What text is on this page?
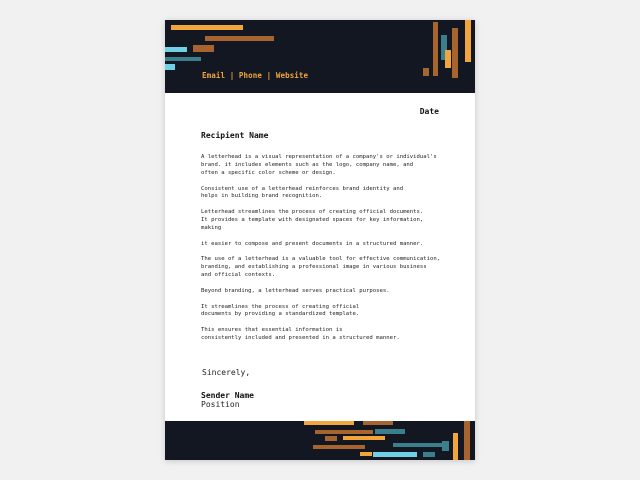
Email | Phone | Website
Date
Recipient Name

A letterhead is a visual representation of a company's or individual's
brand. it includes elements such as the logo, company name, and
often a specific color scheme or design.

Consistent use of a letterhead reinforces brand identity and
helps in building brand recognition.

Letterhead streamlines the process of creating official documents.
It provides a template with designated spaces for key information,
making

it easier to compose and present documents in a structured manner.

The use of a letterhead is a valuable tool for effective communication,
branding, and establishing a professional image in various business
and official contexts.

Beyond branding, a letterhead serves practical purposes.

It streamlines the process of creating official
documents by providing a standardized template.

This ensures that essential information is
consistently included and presented in a structured manner.

Sincerely,
Sender Name
Position
